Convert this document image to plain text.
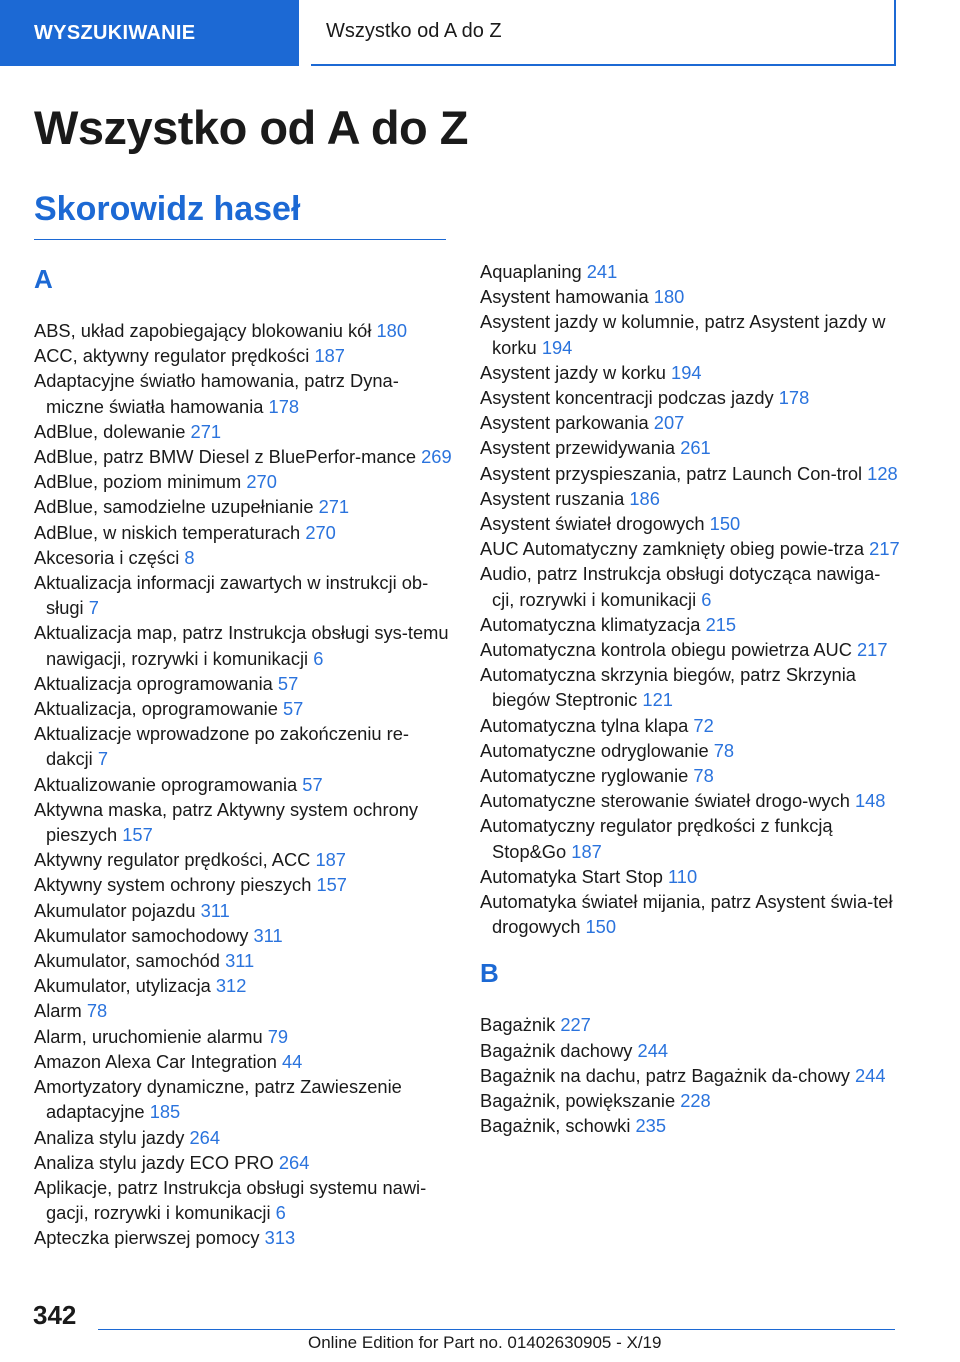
WYSZUKIWANIE	Wszystko od A do Z
Wszystko od A do Z
Skorowidz haseł
A
ABS, układ zapobiegający blokowaniu kół 180
ACC, aktywny regulator prędkości 187
Adaptacyjne światło hamowania, patrz Dyna-miczne światła hamowania 178
AdBlue, dolewanie 271
AdBlue, patrz BMW Diesel z BluePerfor-mance 269
AdBlue, poziom minimum 270
AdBlue, samodzielne uzupełnianie 271
AdBlue, w niskich temperaturach 270
Akcesoria i części 8
Aktualizacja informacji zawartych w instrukcji ob-sługi 7
Aktualizacja map, patrz Instrukcja obsługi sys-temu nawigacji, rozrywki i komunikacji 6
Aktualizacja oprogramowania 57
Aktualizacja, oprogramowanie 57
Aktualizacje wprowadzone po zakończeniu re-dakcji 7
Aktualizowanie oprogramowania 57
Aktywna maska, patrz Aktywny system ochrony pieszych 157
Aktywny regulator prędkości, ACC 187
Aktywny system ochrony pieszych 157
Akumulator pojazdu 311
Akumulator samochodowy 311
Akumulator, samochód 311
Akumulator, utylizacja 312
Alarm 78
Alarm, uruchomienie alarmu 79
Amazon Alexa Car Integration 44
Amortyzatory dynamiczne, patrz Zawieszenie adaptacyjne 185
Analiza stylu jazdy 264
Analiza stylu jazdy ECO PRO 264
Aplikacje, patrz Instrukcja obsługi systemu nawi-gacji, rozrywki i komunikacji 6
Apteczka pierwszej pomocy 313
Aquaplaning 241
Asystent hamowania 180
Asystent jazdy w kolumnie, patrz Asystent jazdy w korku 194
Asystent jazdy w korku 194
Asystent koncentracji podczas jazdy 178
Asystent parkowania 207
Asystent przewidywania 261
Asystent przyspieszania, patrz Launch Con-trol 128
Asystent ruszania 186
Asystent świateł drogowych 150
AUC Automatyczny zamknięty obieg powie-trza 217
Audio, patrz Instrukcja obsługi dotycząca nawiga-cji, rozrywki i komunikacji 6
Automatyczna klimatyzacja 215
Automatyczna kontrola obiegu powietrza AUC 217
Automatyczna skrzynia biegów, patrz Skrzynia biegów Steptronic 121
Automatyczna tylna klapa 72
Automatyczne odryglowanie 78
Automatyczne ryglowanie 78
Automatyczne sterowanie świateł drogo-wych 148
Automatyczny regulator prędkości z funkcją Stop&Go 187
Automatyka Start Stop 110
Automatyka świateł mijania, patrz Asystent świa-teł drogowych 150
B
Bagażnik 227
Bagażnik dachowy 244
Bagażnik na dachu, patrz Bagażnik da-chowy 244
Bagażnik, powiększanie 228
Bagażnik, schowki 235
342
Online Edition for Part no. 01402630905 - X/19
